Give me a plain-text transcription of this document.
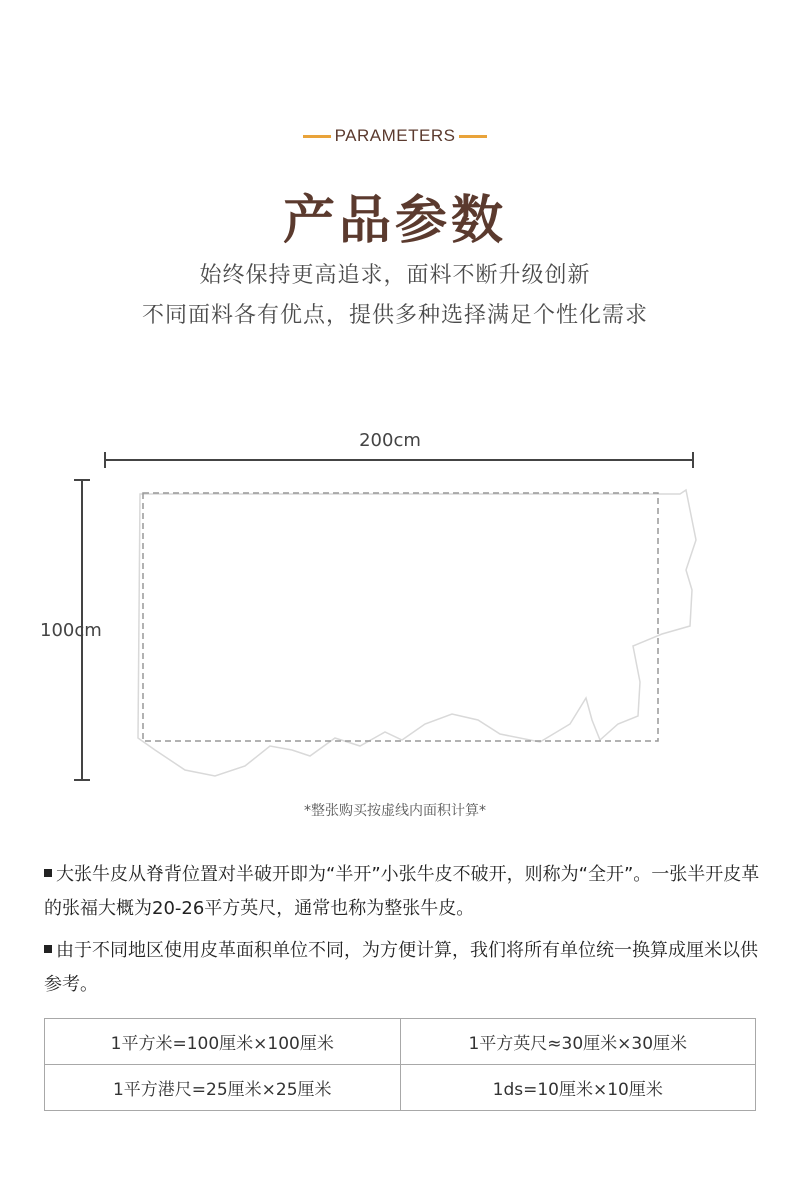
PARAMETERS
产品参数
始终保持更高追求，面料不断升级创新
不同面料各有优点，提供多种选择满足个性化需求
200cm
100cm
*整张购买按虚线内面积计算*
大张牛皮从脊背位置对半破开即为“半开”小张牛皮不破开，则称为“全开”。一张半开皮革的张福大概为20-26平方英尺，通常也称为整张牛皮。
由于不同地区使用皮革面积单位不同，为方便计算，我们将所有单位统一换算成厘米以供参考。
1平方米=100厘米×100厘米	1平方英尺≈30厘米×30厘米
1平方港尺=25厘米×25厘米	1ds=10厘米×10厘米
